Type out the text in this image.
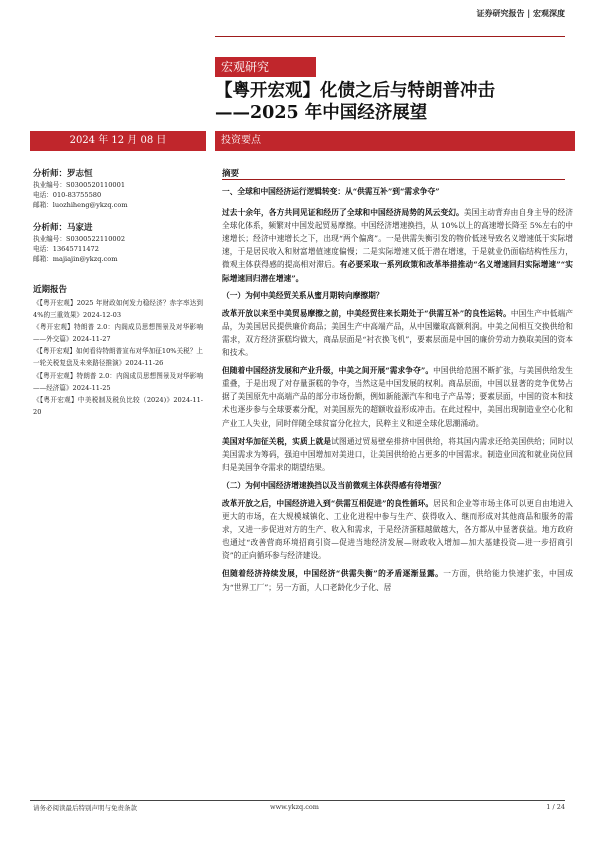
证券研究报告 | 宏观深度
宏观研究
【粤开宏观】化债之后与特朗普冲击
——2025 年中国经济展望
2024 年 12 月 08 日	投资要点
分析师：罗志恒
执业编号：S0300520110001
电话：010-83755580
邮箱：luozhiheng@ykzq.com
分析师：马家进
执业编号：S0300522110002
电话：13645711472
邮箱：majiajin@ykzq.com
近期报告

《【粤开宏观】2025 年财政如何发力稳经济？赤字率达到 4%的三重效果》2024-12-03

《粤开宏观】特朗普 2.0：内阁成员思想图景及对华影响——外交篇》2024-11-27

《【粤开宏观】如何看待特朗普宣布对华加征10%关税？上一轮关税复盘及未来路径推演》2024-11-26

《【粤开宏观】特朗普 2.0：内阁成员思想图景及对华影响——经济篇》2024-11-25

《【粤开宏观】中美税制及税负比较（2024)》2024-11-20

摘要

一、全球和中国经济运行逻辑转变：从“供需互补”到“需求争夺”

过去十余年，各方共同见证和经历了全球和中国经济局势的风云变幻。美国主动背弃由自身主导的经济全球化体系，频繁对中国发起贸易摩擦。中国经济增速换挡，从 10%以上的高速增长降至 5%左右的中速增长；经济中速增长之下，出现“两个偏离”。一是供需失衡引发的物价低迷导致名义增速低于实际增速，于是居民收入和财富增值速度偏慢；二是实际增速又低于潜在增速，于是就业仍面临结构性压力，微观主体获得感的提高相对滞后。有必要采取一系列政策和改革举措推动“名义增速回归实际增速”“实际增速回归潜在增速”。

（一）为何中美经贸关系从蜜月期转向摩擦期？

改革开放以来至中美贸易摩擦之前，中美经贸往来长期处于“供需互补”的良性运转。中国生产中低端产品，为美国居民提供廉价商品；美国生产中高端产品，从中国赚取高额利润。中美之间相互交换供给和需求，双方经济蛋糕均做大，商品层面是“衬衣换飞机”，要素层面是中国的廉价劳动力换取美国的资本和技术。

但随着中国经济发展和产业升级，中美之间开展“需求争夺”。中国供给范围不断扩张，与美国供给发生重叠，于是出现了对存量蛋糕的争夺，当然这是中国发展的权利。商品层面，中国以显著的竞争优势占据了美国原先中高端产品的部分市场份额，例如新能源汽车和电子产品等；要素层面，中国的资本和技术也逐步参与全球要素分配，对美国原先的超额收益形成冲击。在此过程中，美国出现制造业空心化和产业工人失业，同时伴随全球贫富分化拉大，民粹主义和逆全球化思潮涌动。

美国对华加征关税，实质上就是试图通过贸易壁垒排挤中国供给，将其国内需求还给美国供给；同时以美国需求为筹码，强迫中国增加对美进口，让美国供给抢占更多的中国需求。制造业回流和就业岗位回归是美国争夺需求的期望结果。

（二）为何中国经济增速换挡以及当前微观主体获得感有待增强？

改革开放之后，中国经济进入到“供需互相促进”的良性循环。居民和企业等市场主体可以更自由地进入更大的市场，在大规模城镇化、工业化进程中参与生产、获得收入、继而形成对其他商品和服务的需求，又进一步促进对方的生产、收入和需求，于是经济蛋糕越做越大，各方都从中显著获益。地方政府也通过“改善营商环境招商引资—促进当地经济发展—财政收入增加—加大基建投资—进一步招商引资”的正向循环参与经济建设。

但随着经济持续发展，中国经济“供需失衡”的矛盾逐渐显露。一方面，供给能力快速扩张，中国成为“世界工厂”；另一方面，人口老龄化少子化、居

请务必阅读最后特别声明与免责条款	www.ykzq.com	1 / 24
